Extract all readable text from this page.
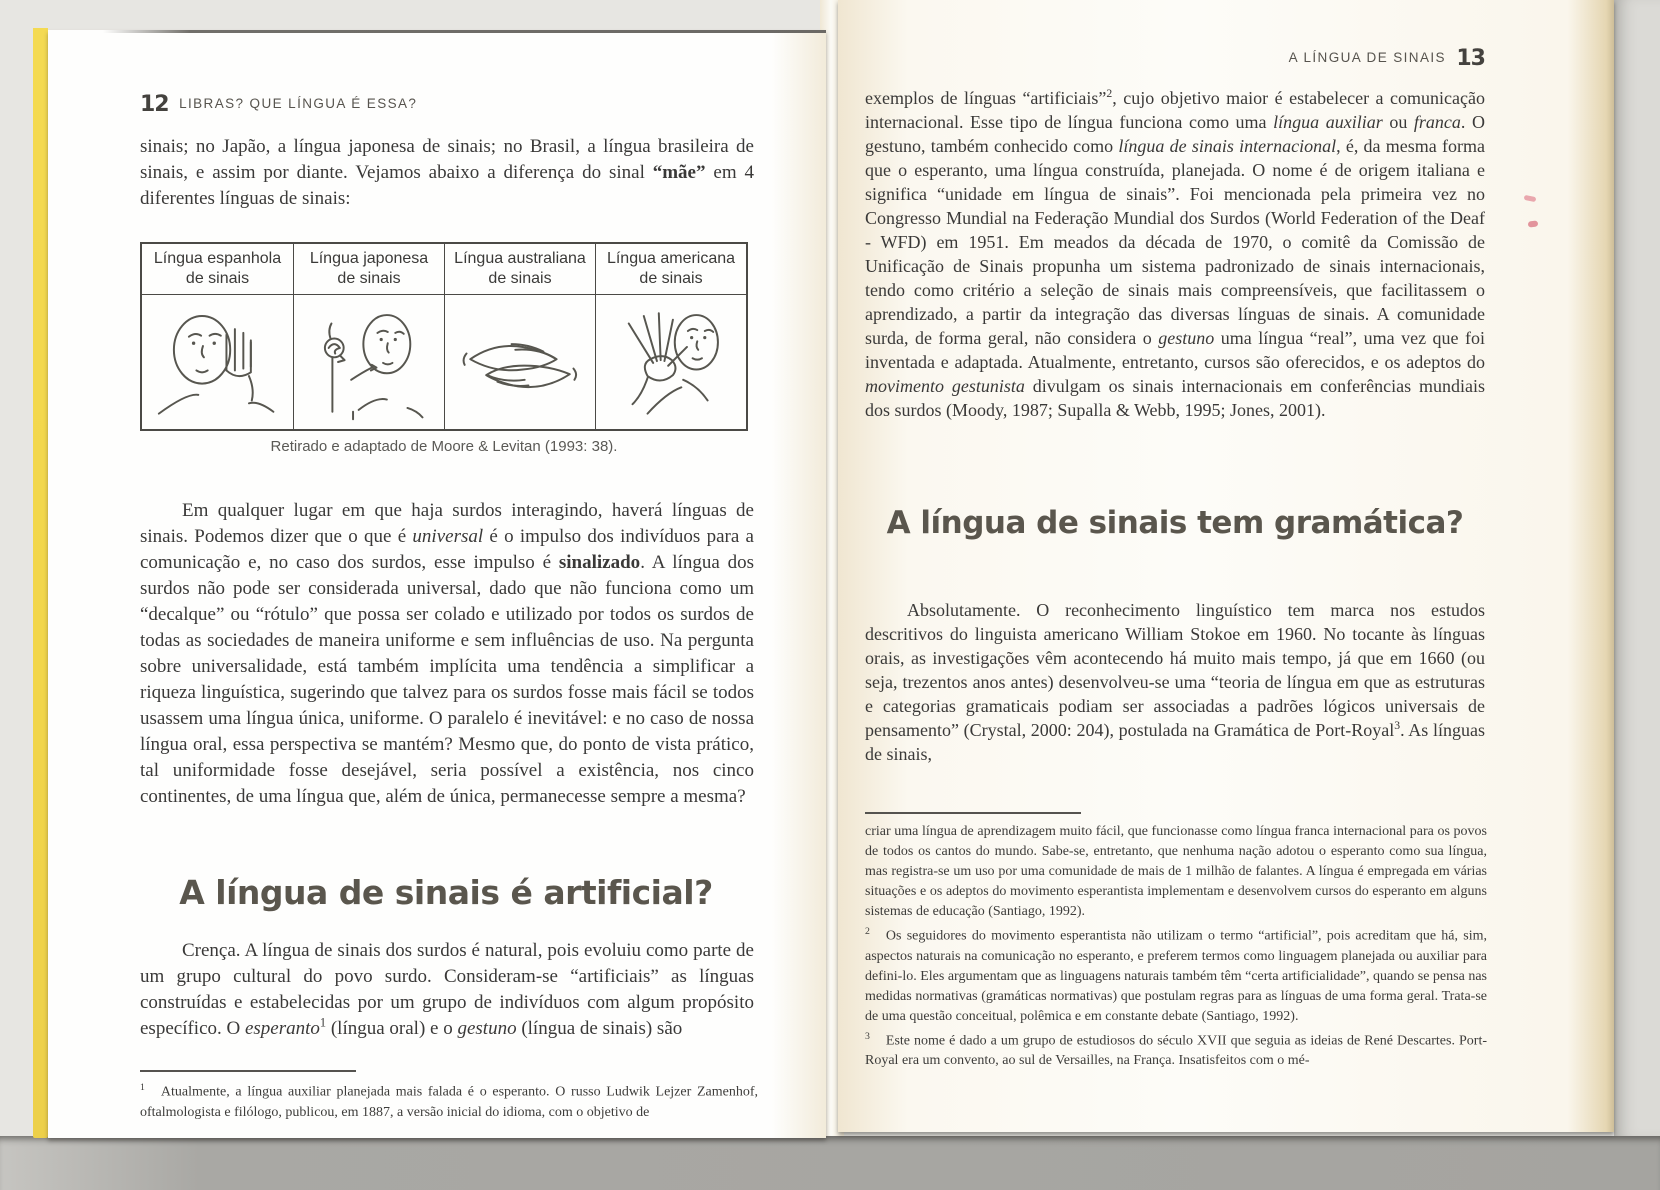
12 LIBRAS? QUE LÍNGUA É ESSA?

sinais; no Japão, a língua japonesa de sinais; no Brasil, a língua brasileira de sinais, e assim por diante. Vejamos abaixo a diferença do sinal “mãe” em 4 diferentes línguas de sinais:

Língua espanhola de sinais
Língua japonesa de sinais
Língua australiana de sinais
Língua americana de sinais
Retirado e adaptado de Moore & Levitan (1993: 38).

Em qualquer lugar em que haja surdos interagindo, haverá línguas de sinais. Podemos dizer que o que é universal é o impulso dos indivíduos para a comunicação e, no caso dos surdos, esse impulso é sinalizado. A língua dos surdos não pode ser considerada universal, dado que não funciona como um “decalque” ou “rótulo” que possa ser colado e utilizado por todos os surdos de todas as sociedades de maneira uniforme e sem influências de uso. Na pergunta sobre universalidade, está também implícita uma tendência a simplificar a riqueza linguística, sugerindo que talvez para os surdos fosse mais fácil se todos usassem uma língua única, uniforme. O paralelo é inevitável: e no caso de nossa língua oral, essa perspectiva se mantém? Mesmo que, do ponto de vista prático, tal uniformidade fosse desejável, seria possível a existência, nos cinco continentes, de uma língua que, além de única, permanecesse sempre a mesma?

A língua de sinais é artificial?

Crença. A língua de sinais dos surdos é natural, pois evoluiu como parte de um grupo cultural do povo surdo. Consideram-se “artificiais” as línguas construídas e estabelecidas por um grupo de indivíduos com algum propósito específico. O esperanto$^1$ (língua oral) e o gestuno (língua de sinais) são

$^1$ Atualmente, a língua auxiliar planejada mais falada é o esperanto. O russo Ludwik Lejzer Zamenhof, oftalmologista e filólogo, publicou, em 1887, a versão inicial do idioma, com o objetivo de

A LÍNGUA DE SINAIS 13

exemplos de línguas “artificiais”$^2$, cujo objetivo maior é estabelecer a comunicação internacional. Esse tipo de língua funciona como uma língua auxiliar ou franca. O gestuno, também conhecido como língua de sinais internacional, é, da mesma forma que o esperanto, uma língua construída, planejada. O nome é de origem italiana e significa “unidade em língua de sinais”. Foi mencionada pela primeira vez no Congresso Mundial na Federação Mundial dos Surdos (World Federation of the Deaf - WFD) em 1951. Em meados da década de 1970, o comitê da Comissão de Unificação de Sinais propunha um sistema padronizado de sinais internacionais, tendo como critério a seleção de sinais mais compreensíveis, que facilitassem o aprendizado, a partir da integração das diversas línguas de sinais. A comunidade surda, de forma geral, não considera o gestuno uma língua “real”, uma vez que foi inventada e adaptada. Atualmente, entretanto, cursos são oferecidos, e os adeptos do movimento gestunista divulgam os sinais internacionais em conferências mundiais dos surdos (Moody, 1987; Supalla & Webb, 1995; Jones, 2001).

A língua de sinais tem gramática?

Absolutamente. O reconhecimento linguístico tem marca nos estudos descritivos do linguista americano William Stokoe em 1960. No tocante às línguas orais, as investigações vêm acontecendo há muito mais tempo, já que em 1660 (ou seja, trezentos anos antes) desenvolveu-se uma “teoria de língua em que as estruturas e categorias gramaticais podiam ser associadas a padrões lógicos universais de pensamento” (Crystal, 2000: 204), postulada na Gramática de Port-Royal$^3$. As línguas de sinais,

criar uma língua de aprendizagem muito fácil, que funcionasse como língua franca internacional para os povos de todos os cantos do mundo. Sabe-se, entretanto, que nenhuma nação adotou o esperanto como sua língua, mas registra-se um uso por uma comunidade de mais de 1 milhão de falantes. A língua é empregada em várias situações e os adeptos do movimento esperantista implementam e desenvolvem cursos do esperanto em alguns sistemas de educação (Santiago, 1992).

$^2$ Os seguidores do movimento esperantista não utilizam o termo “artificial”, pois acreditam que há, sim, aspectos naturais na comunicação no esperanto, e preferem termos como linguagem planejada ou auxiliar para defini-lo. Eles argumentam que as linguagens naturais também têm “certa artificialidade”, quando se pensa nas medidas normativas (gramáticas normativas) que postulam regras para as línguas de uma forma geral. Trata-se de uma questão conceitual, polêmica e em constante debate (Santiago, 1992).

$^3$ Este nome é dado a um grupo de estudiosos do século XVII que seguia as ideias de René Descartes. Port-Royal era um convento, ao sul de Versailles, na França. Insatisfeitos com o mé-
